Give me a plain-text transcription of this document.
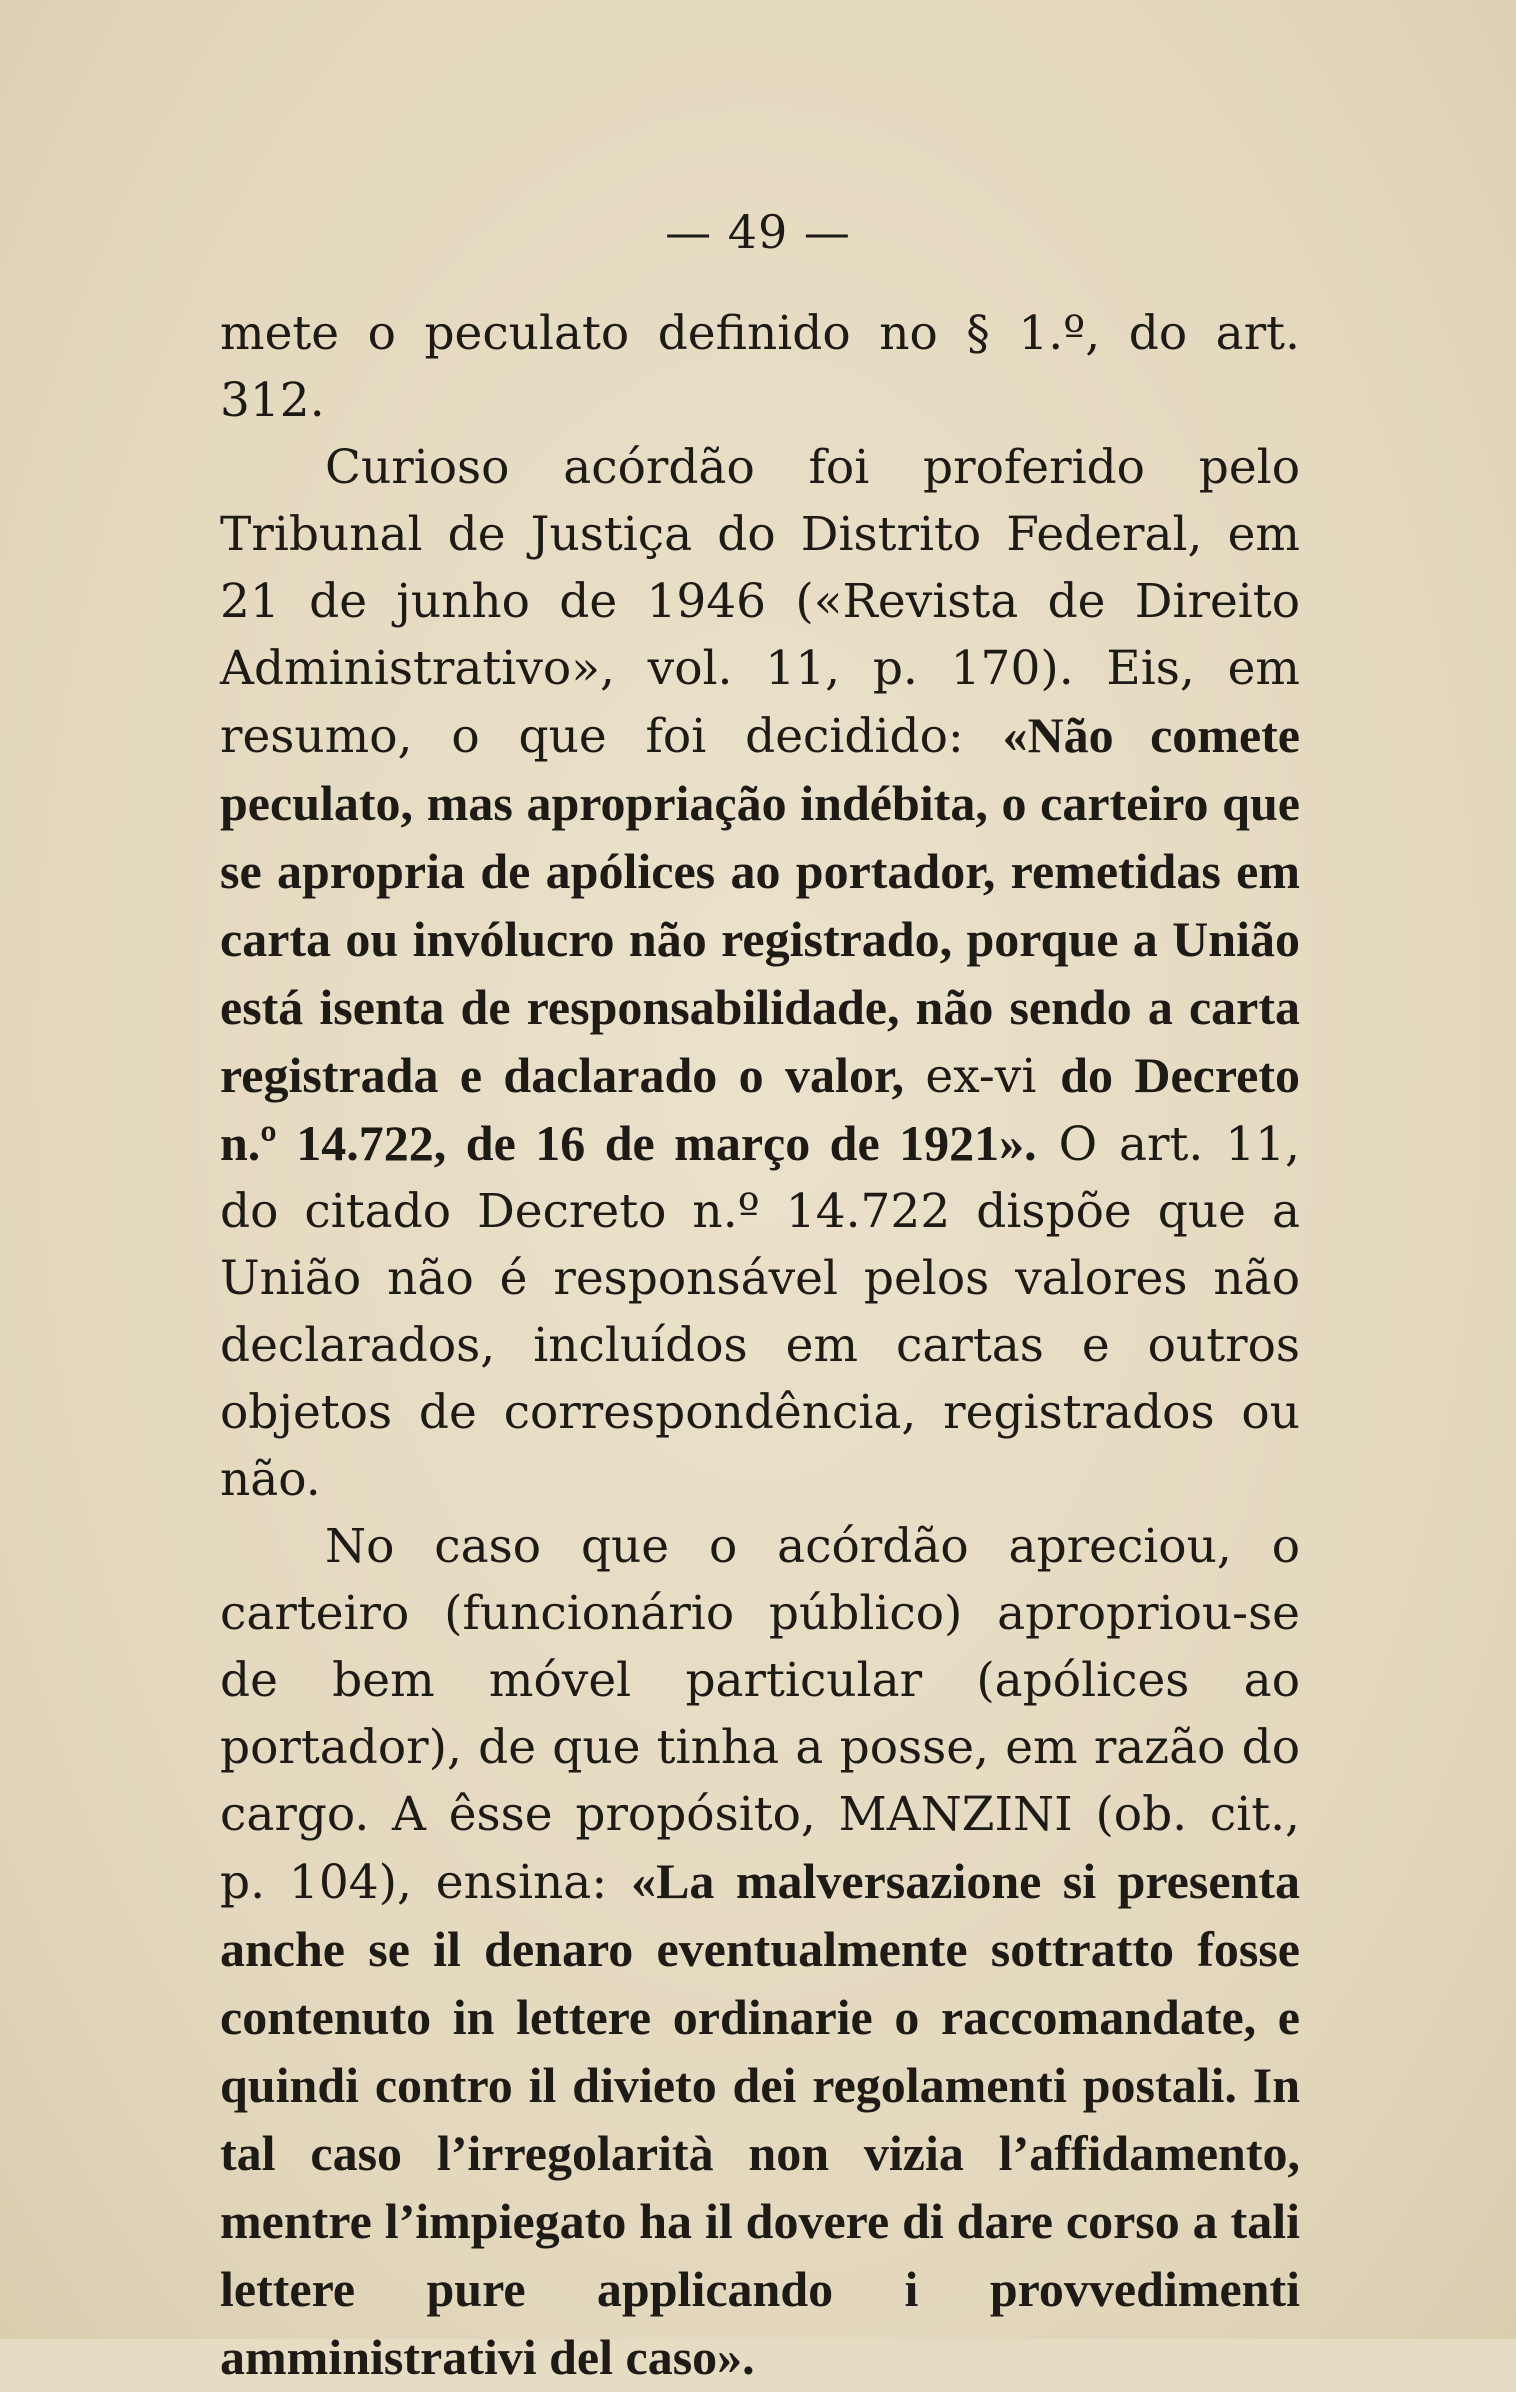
— 49 —

mete o peculato definido no § 1.º, do art. 312.

Curioso acórdão foi proferido pelo Tribunal de Justiça do Distrito Federal, em 21 de junho de 1946 («Revista de Direito Administrativo», vol. 11, p. 170). Eis, em resumo, o que foi decidido: «Não comete peculato, mas apropriação indébita, o carteiro que se apropria de apólices ao portador, remetidas em carta ou invólucro não registrado, porque a União está isenta de responsabilidade, não sendo a carta registrada e daclarado o valor, ex-vi do Decreto n.º 14.722, de 16 de março de 1921». O art. 11, do citado Decreto n.º 14.722 dispõe que a União não é responsável pelos valores não declarados, incluídos em cartas e outros objetos de correspondência, registrados ou não.

No caso que o acórdão apreciou, o carteiro (funcionário público) apropriou-se de bem móvel particular (apólices ao portador), de que tinha a posse, em razão do cargo. A êsse propósito, MANZINI (ob. cit., p. 104), ensina: «La malversazione si presenta anche se il denaro eventualmente sottratto fosse contenuto in lettere ordinarie o raccomandate, e quindi contro il divieto dei regolamenti postali. In tal caso l’irregolarità non vizia l’affidamento, mentre l’impiegato ha il dovere di dare corso a tali lettere pure applicando i provvedimenti amministrativi del caso».
